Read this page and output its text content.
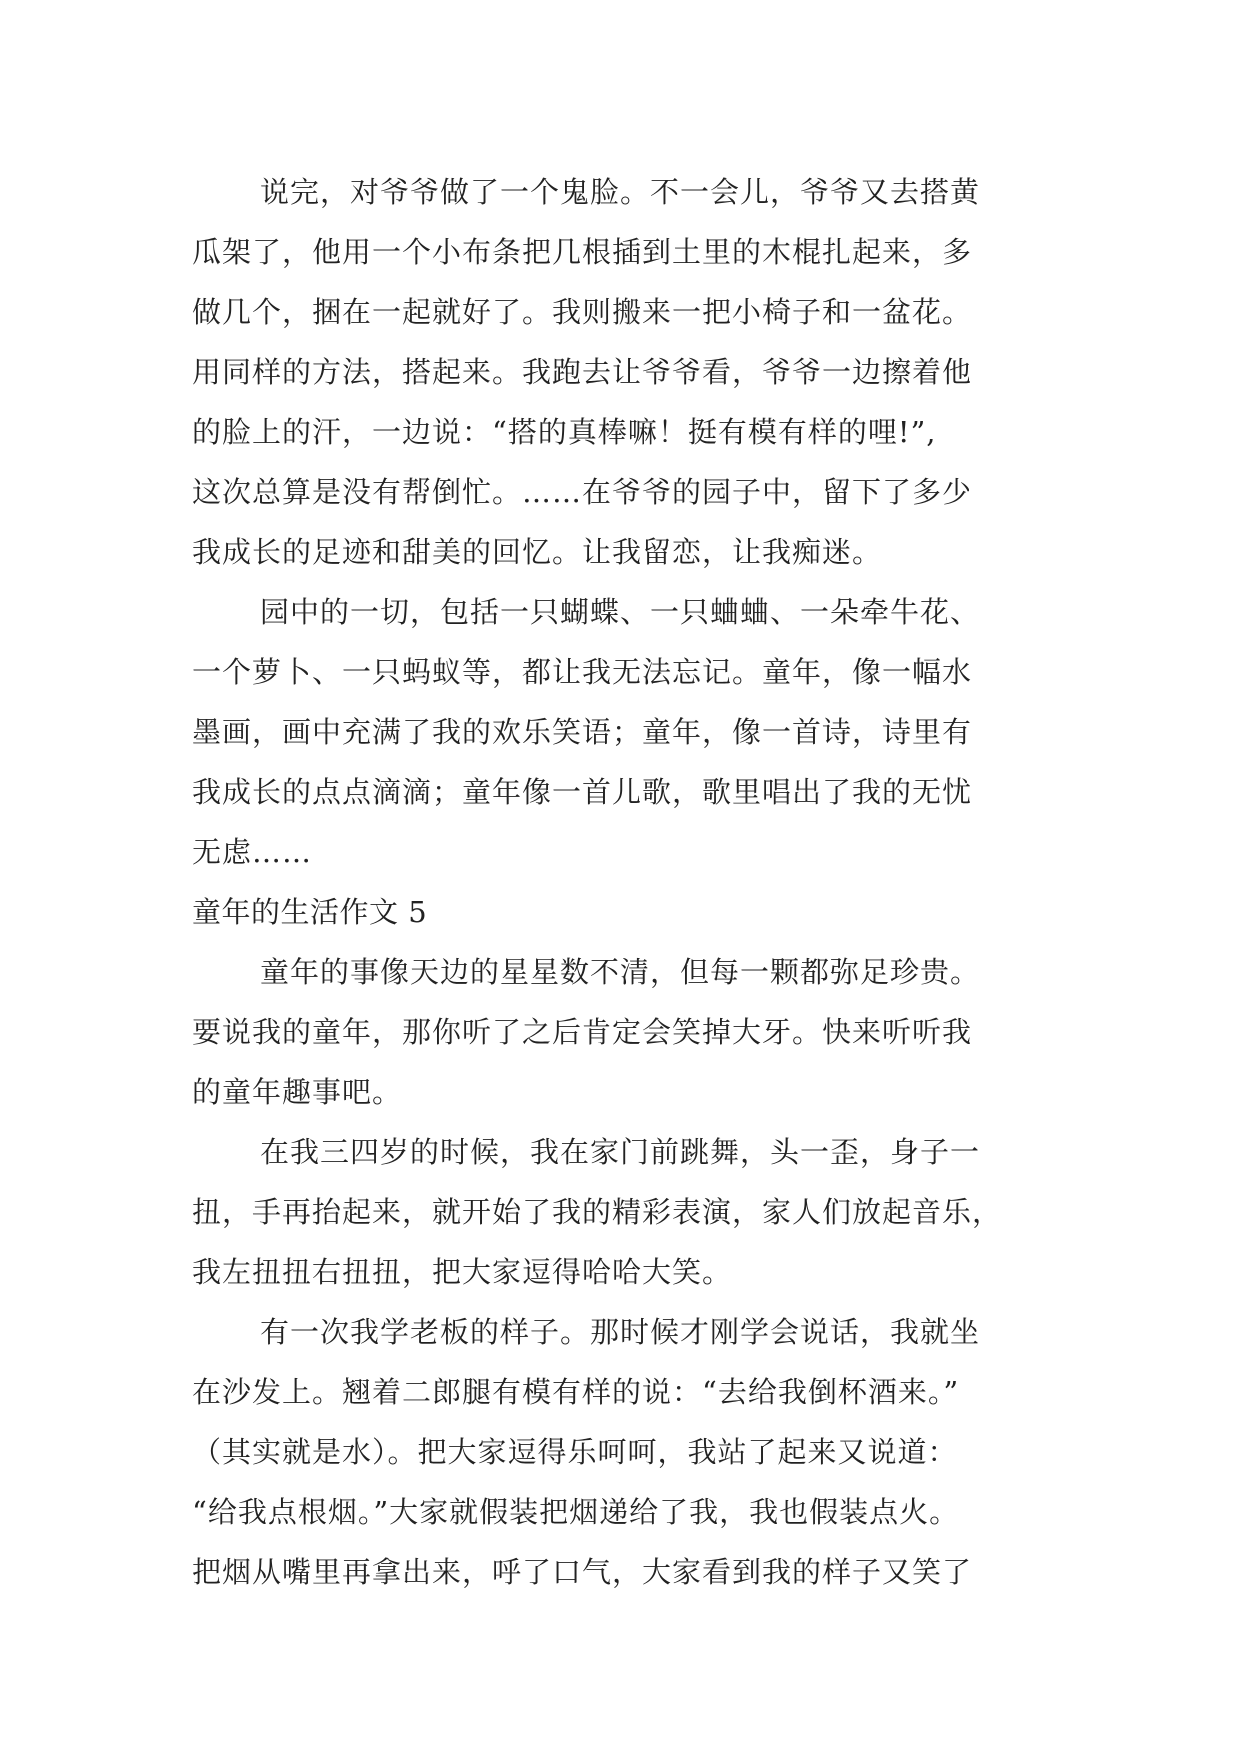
说完，对爷爷做了一个鬼脸。不一会儿，爷爷又去搭黄
瓜架了，他用一个小布条把几根插到土里的木棍扎起来，多
做几个，捆在一起就好了。我则搬来一把小椅子和一盆花。
用同样的方法，搭起来。我跑去让爷爷看，爷爷一边擦着他
的脸上的汗，一边说：“搭的真棒嘛！挺有模有样的哩!”,
这次总算是没有帮倒忙。……在爷爷的园子中，留下了多少
我成长的足迹和甜美的回忆。让我留恋，让我痴迷。
园中的一切，包括一只蝴蝶、一只蛐蛐、一朵牵牛花、
一个萝卜、一只蚂蚁等，都让我无法忘记。童年，像一幅水
墨画，画中充满了我的欢乐笑语；童年，像一首诗，诗里有
我成长的点点滴滴；童年像一首儿歌，歌里唱出了我的无忧
无虑……
童年的生活作文 5
童年的事像天边的星星数不清，但每一颗都弥足珍贵。
要说我的童年，那你听了之后肯定会笑掉大牙。快来听听我
的童年趣事吧。
在我三四岁的时候，我在家门前跳舞，头一歪，身子一
扭，手再抬起来，就开始了我的精彩表演，家人们放起音乐，
我左扭扭右扭扭，把大家逗得哈哈大笑。
有一次我学老板的样子。那时候才刚学会说话，我就坐
在沙发上。翘着二郎腿有模有样的说：“去给我倒杯酒来。”
（其实就是水）。把大家逗得乐呵呵，我站了起来又说道：
“给我点根烟。”大家就假装把烟递给了我，我也假装点火。
把烟从嘴里再拿出来，呼了口气，大家看到我的样子又笑了
